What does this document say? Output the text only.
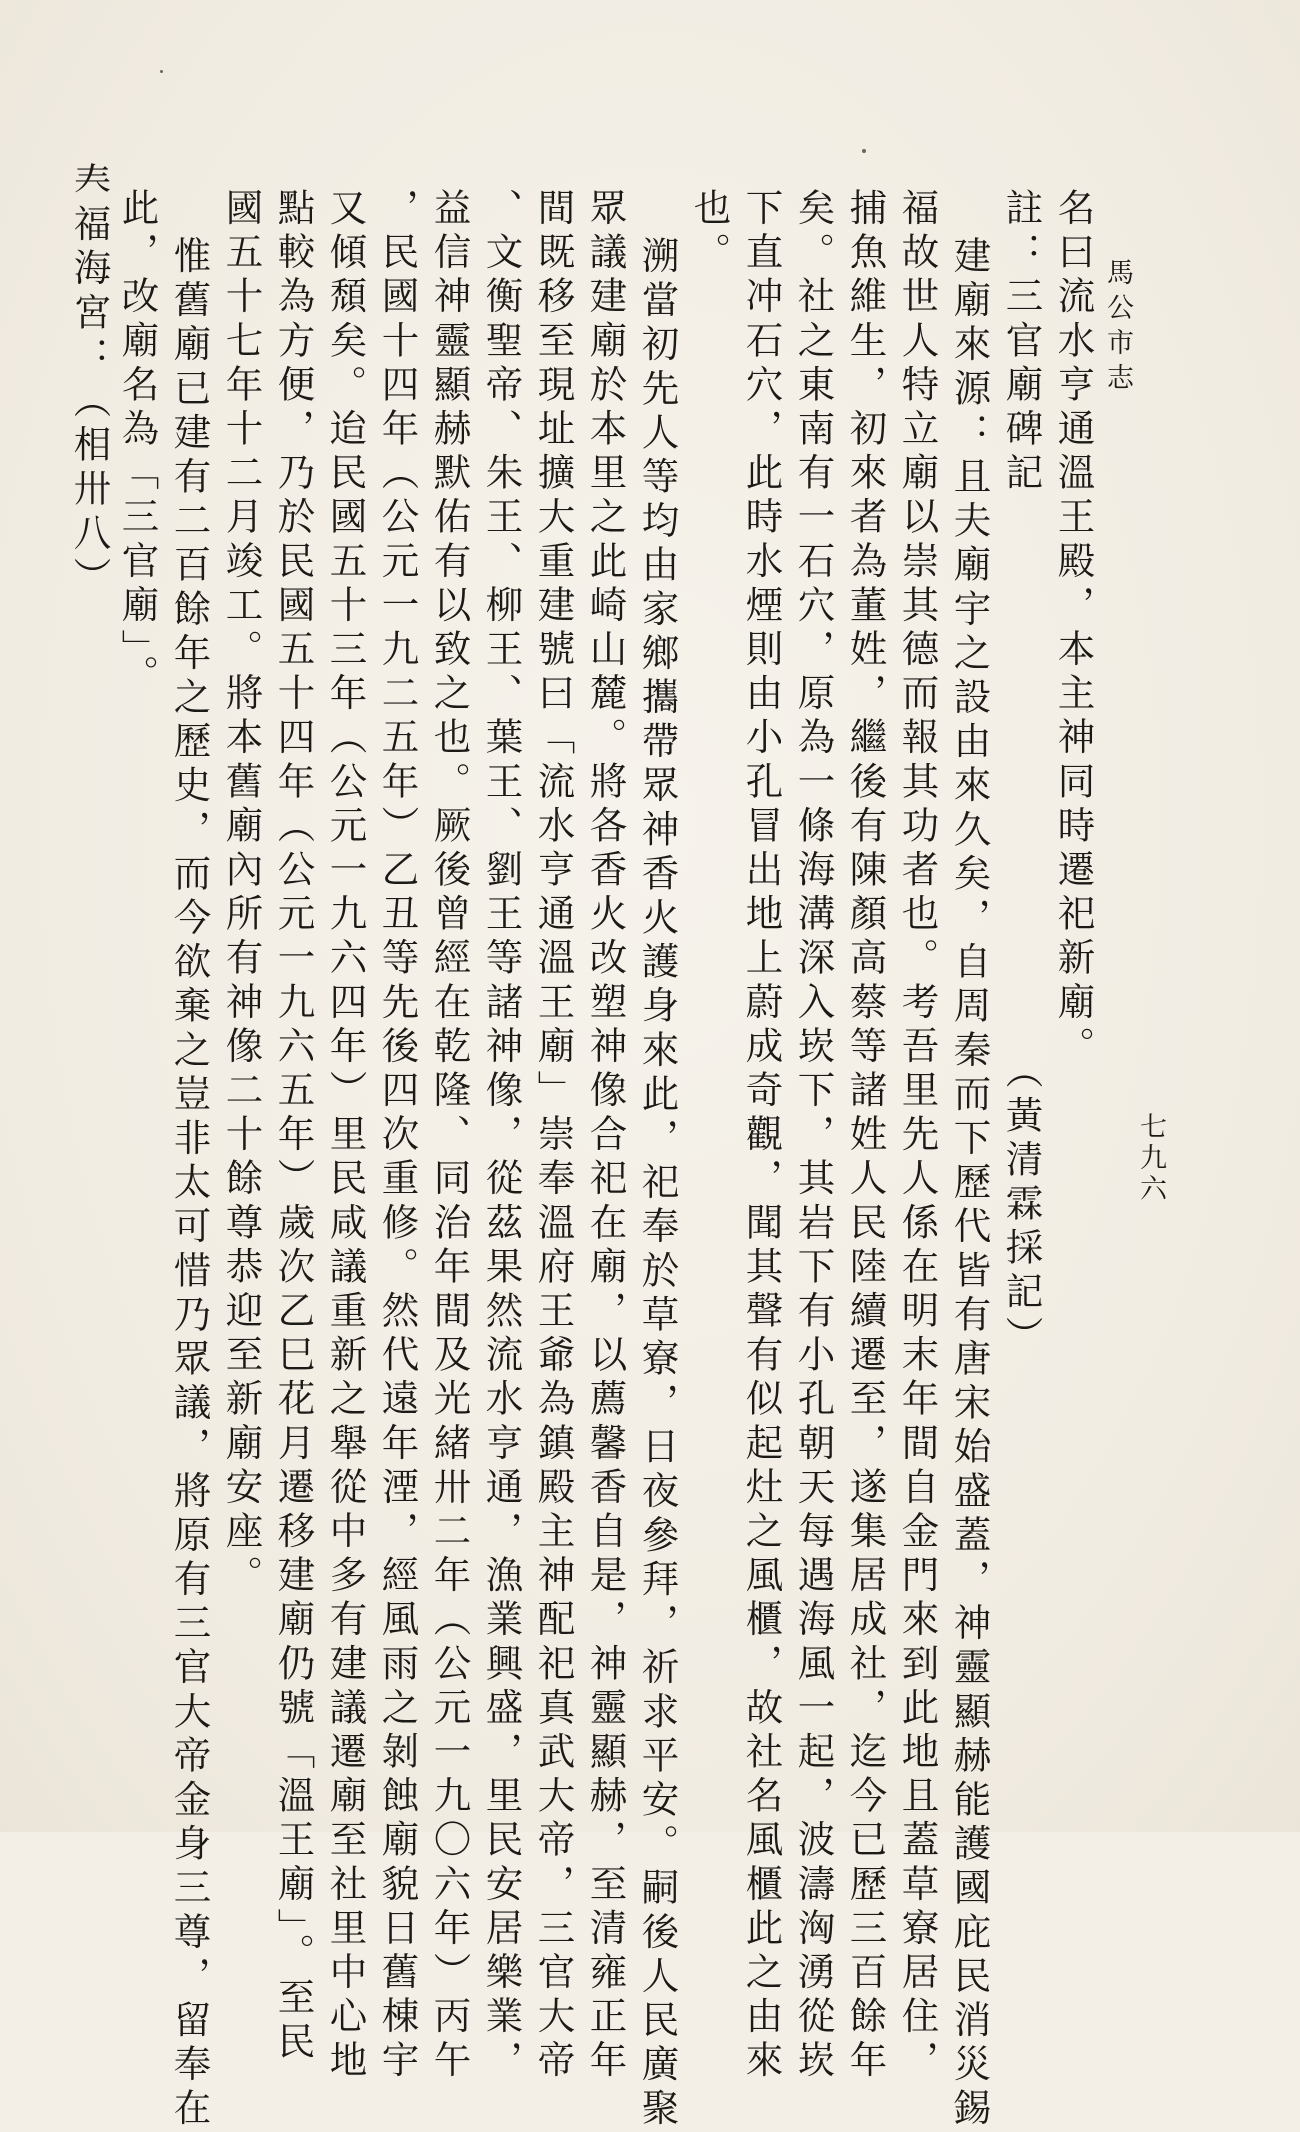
馬公市志
七九六
名曰流水亨通溫王殿，本主神同時遷祀新廟。
註：三官廟碑記　　　　　　　　　　　　　（黃清霖採記）
建廟來源：且夫廟宇之設由來久矣，自周秦而下歷代皆有唐宋始盛蓋，神靈顯赫能護國庇民消災錫
福故世人特立廟以崇其德而報其功者也。考吾里先人係在明末年間自金門來到此地且蓋草寮居住，
捕魚維生，初來者為董姓，繼後有陳顏高蔡等諸姓人民陸續遷至，遂集居成社，迄今已歷三百餘年
矣。社之東南有一石穴，原為一條海溝深入崁下，其岩下有小孔朝天每遇海風一起，波濤洶湧從崁
下直冲石穴，此時水煙則由小孔冒出地上蔚成奇觀，聞其聲有似起灶之風櫃，故社名風櫃此之由來
也。
溯當初先人等均由家鄉攜帶眾神香火護身來此，祀奉於草寮，日夜參拜，祈求平安。嗣後人民廣聚
眾議建廟於本里之此崎山麓。將各香火改塑神像合祀在廟，以薦馨香自是，神靈顯赫，至清雍正年
間既移至現址擴大重建號曰「流水亨通溫王廟」崇奉溫府王爺為鎮殿主神配祀真武大帝，三官大帝
、文衡聖帝、朱王、柳王、葉王、劉王等諸神像，從茲果然流水亨通，漁業興盛，里民安居樂業，
益信神靈顯赫默佑有以致之也。厥後曾經在乾隆、同治年間及光緒卅二年（公元一九〇六年）丙午
，民國十四年（公元一九二五年）乙丑等先後四次重修。然代遠年湮，經風雨之剝蝕廟貌日舊棟宇
又傾頹矣。迨民國五十三年（公元一九六四年）里民咸議重新之舉從中多有建議遷廟至社里中心地
點較為方便，乃於民國五十四年（公元一九六五年）歲次乙巳花月遷移建廟仍號「溫王廟」。至民
國五十七年十二月竣工。將本舊廟內所有神像二十餘尊恭迎至新廟安座。
惟舊廟已建有二百餘年之歷史，而今欲棄之豈非太可惜乃眾議，將原有三官大帝金身三尊，留奉在
此，改廟名為「三官廟」。
𡗗福海宮：（相卅八）
